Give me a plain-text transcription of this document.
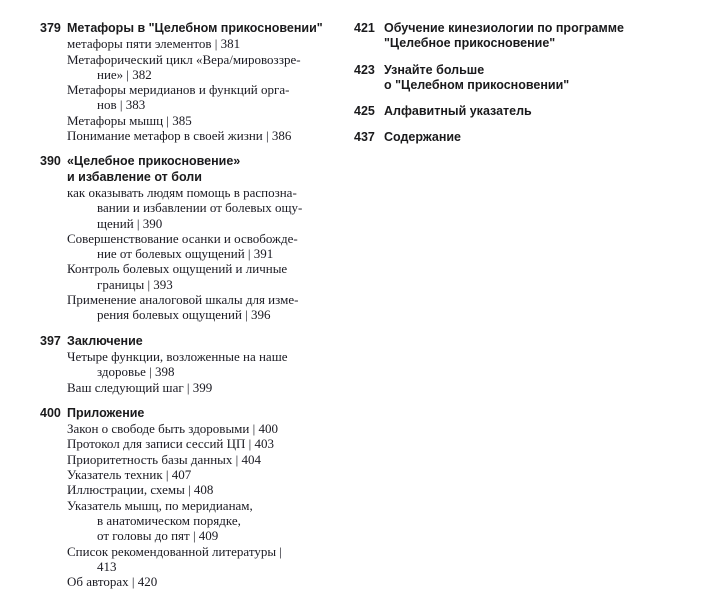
379 Метафоры в "Целебном прикосновении"
метафоры пяти элементов | 381
Метафорический цикл «Вера/мировоззре-
ние» | 382
Метафоры меридианов и функций орга-
нов | 383
Метафоры мышц | 385
Понимание метафор в своей жизни | 386
390 «Целебное прикосновение»
и избавление от боли
как оказывать людям помощь в распозна-
вании и избавлении от болевых ощу-
щений | 390
Совершенствование осанки и освобожде-
ние от болевых ощущений | 391
Контроль болевых ощущений и личные
границы | 393
Применение аналоговой шкалы для изме-
рения болевых ощущений | 396
397 Заключение
Четыре функции, возложенные на наше
здоровье | 398
Ваш следующий шаг | 399
400 Приложение
Закон о свободе быть здоровыми | 400
Протокол для записи сессий ЦП | 403
Приоритетность базы данных | 404
Указатель техник | 407
Иллюстрации, схемы | 408
Указатель мышц, по меридианам,
в анатомическом порядке,
от головы до пят | 409
Список рекомендованной литературы |
413
Об авторах | 420
421 Обучение кинезиологии по программе
"Целебное прикосновение"
423 Узнайте больше
о "Целебном прикосновении"
425 Алфавитный указатель
437 Содержание
